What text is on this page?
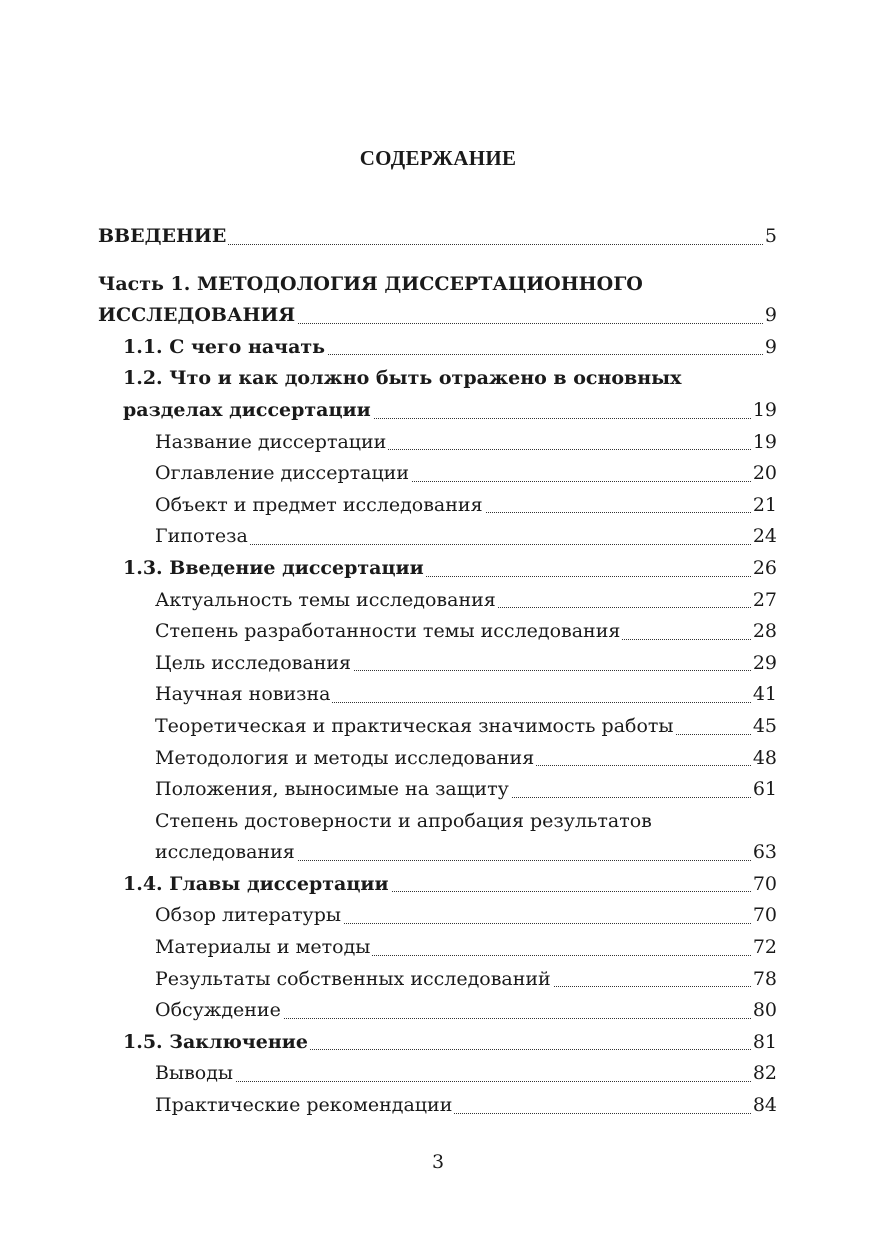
СОДЕРЖАНИЕ
ВВЕДЕНИЕ	5
Часть 1. МЕТОДОЛОГИЯ ДИССЕРТАЦИОННОГО
ИССЛЕДОВАНИЯ	9
1.1. С чего начать	9
1.2. Что и как должно быть отражено в основных
разделах диссертации	19
Название диссертации	19
Оглавление диссертации	20
Объект и предмет исследования	21
Гипотеза	24
1.3. Введение диссертации	26
Актуальность темы исследования	27
Степень разработанности темы исследования	28
Цель исследования	29
Научная новизна	41
Теоретическая и практическая значимость работы	45
Методология и методы исследования	48
Положения, выносимые на защиту	61
Степень достоверности и апробация результатов
исследования	63
1.4. Главы диссертации	70
Обзор литературы	70
Материалы и методы	72
Результаты собственных исследований	78
Обсуждение	80
1.5. Заключение	81
Выводы	82
Практические рекомендации	84
3
